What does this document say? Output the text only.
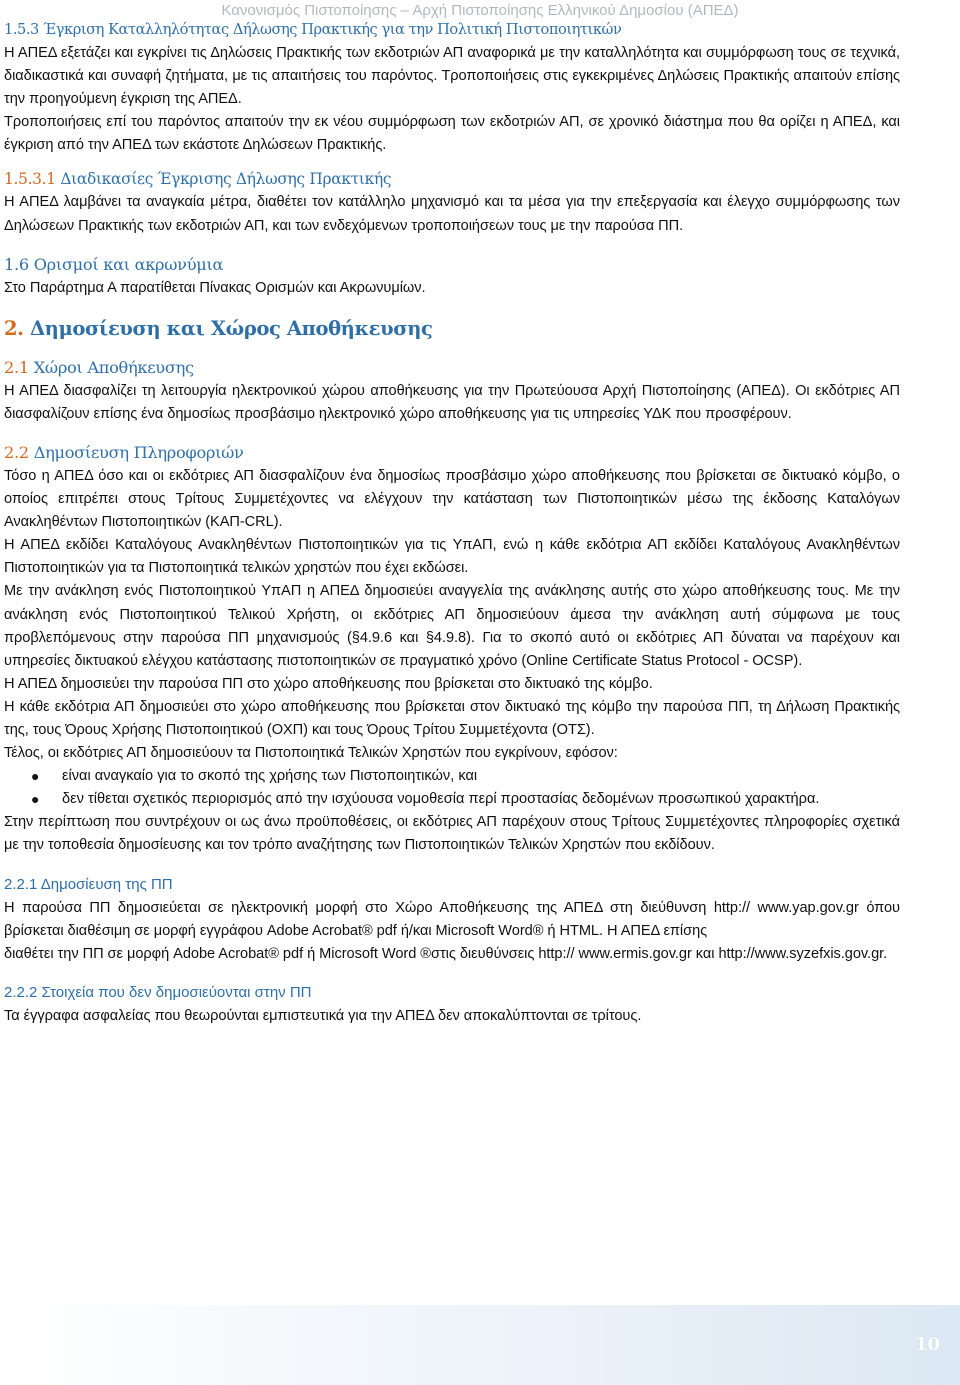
Κανονισμός Πιστοποίησης – Αρχή Πιστοποίησης Ελληνικού Δημοσίου (ΑΠΕΔ)
1.5.3 Έγκριση Καταλληλότητας Δήλωσης Πρακτικής για την Πολιτική Πιστοποιητικών

Η ΑΠΕΔ εξετάζει και εγκρίνει τις Δηλώσεις Πρακτικής των εκδοτριών ΑΠ αναφορικά με την καταλληλότητα και συμμόρφωση τους σε τεχνικά, διαδικαστικά και συναφή ζητήματα, με τις απαιτήσεις του παρόντος. Τροποποιήσεις στις εγκεκριμένες Δηλώσεις Πρακτικής απαιτούν επίσης την προηγούμενη έγκριση της ΑΠΕΔ.

Τροποποιήσεις επί του παρόντος απαιτούν την εκ νέου συμμόρφωση των εκδοτριών ΑΠ, σε χρονικό διάστημα που θα ορίζει η ΑΠΕΔ, και έγκριση από την ΑΠΕΔ των εκάστοτε Δηλώσεων Πρακτικής.

1.5.3.1 Διαδικασίες Έγκρισης Δήλωσης Πρακτικής

Η ΑΠΕΔ λαμβάνει τα αναγκαία μέτρα, διαθέτει τον κατάλληλο μηχανισμό και τα μέσα για την επεξεργασία και έλεγχο συμμόρφωσης των Δηλώσεων Πρακτικής των εκδοτριών ΑΠ, και των ενδεχόμενων τροποποιήσεων τους με την παρούσα ΠΠ.

1.6 Ορισμοί και ακρωνύμια

Στο Παράρτημα Α παρατίθεται Πίνακας Ορισμών και Ακρωνυμίων.

2. Δημοσίευση και Χώρος Αποθήκευσης
2.1 Χώροι Αποθήκευσης

Η ΑΠΕΔ διασφαλίζει τη λειτουργία ηλεκτρονικού χώρου αποθήκευσης για την Πρωτεύουσα Αρχή Πιστοποίησης (ΑΠΕΔ). Οι εκδότριες ΑΠ διασφαλίζουν επίσης ένα δημοσίως προσβάσιμο ηλεκτρονικό χώρο αποθήκευσης για τις υπηρεσίες ΥΔΚ που προσφέρουν.

2.2 Δημοσίευση Πληροφοριών

Τόσο η ΑΠΕΔ όσο και οι εκδότριες ΑΠ διασφαλίζουν ένα δημοσίως προσβάσιμο χώρο αποθήκευσης που βρίσκεται σε δικτυακό κόμβο, ο οποίος επιτρέπει στους Τρίτους Συμμετέχοντες να ελέγχουν την κατάσταση των Πιστοποιητικών μέσω της έκδοσης Καταλόγων Ανακληθέντων Πιστοποιητικών (ΚΑΠ-CRL).

Η ΑΠΕΔ εκδίδει Καταλόγους Ανακληθέντων Πιστοποιητικών για τις ΥπΑΠ, ενώ η κάθε εκδότρια ΑΠ εκδίδει Καταλόγους Ανακληθέντων Πιστοποιητικών για τα Πιστοποιητικά τελικών χρηστών που έχει εκδώσει.

Με την ανάκληση ενός Πιστοποιητικού ΥπΑΠ η ΑΠΕΔ δημοσιεύει αναγγελία της ανάκλησης αυτής στο χώρο αποθήκευσης τους. Με την ανάκληση ενός Πιστοποιητικού Τελικού Χρήστη, οι εκδότριες ΑΠ δημοσιεύουν άμεσα την ανάκληση αυτή σύμφωνα με τους προβλεπόμενους στην παρούσα ΠΠ μηχανισμούς (§4.9.6 και §4.9.8). Για το σκοπό αυτό οι εκδότριες ΑΠ δύναται να παρέχουν και υπηρεσίες δικτυακού ελέγχου κατάστασης πιστοποιητικών σε πραγματικό χρόνο (Online Certificate Status Protocol - OCSP).

Η ΑΠΕΔ δημοσιεύει την παρούσα ΠΠ στο χώρο αποθήκευσης που βρίσκεται στο δικτυακό της κόμβο.

Η κάθε εκδότρια ΑΠ δημοσιεύει στο χώρο αποθήκευσης που βρίσκεται στον δικτυακό της κόμβο την παρούσα ΠΠ, τη Δήλωση Πρακτικής της, τους Όρους Χρήσης Πιστοποιητικού (ΟΧΠ) και τους Όρους Τρίτου Συμμετέχοντα (ΟΤΣ).

Τέλος, οι εκδότριες ΑΠ δημοσιεύουν τα Πιστοποιητικά Τελικών Χρηστών που εγκρίνουν, εφόσον:

● είναι αναγκαίο για το σκοπό της χρήσης των Πιστοποιητικών, και
● δεν τίθεται σχετικός περιορισμός από την ισχύουσα νομοθεσία περί προστασίας δεδομένων προσωπικού χαρακτήρα.

Στην περίπτωση που συντρέχουν οι ως άνω προϋποθέσεις, οι εκδότριες ΑΠ παρέχουν στους Τρίτους Συμμετέχοντες πληροφορίες σχετικά με την τοποθεσία δημοσίευσης και τον τρόπο αναζήτησης των Πιστοποιητικών Τελικών Χρηστών που εκδίδουν.

2.2.1 Δημοσίευση της ΠΠ

Η παρούσα ΠΠ δημοσιεύεται σε ηλεκτρονική μορφή στο Χώρο Αποθήκευσης της ΑΠΕΔ στη διεύθυνση http:// www.yap.gov.gr όπου βρίσκεται διαθέσιμη σε μορφή εγγράφου Adobe Acrobat® pdf ή/και Microsoft Word® ή HTML. Η ΑΠΕΔ επίσης

διαθέτει την ΠΠ σε μορφή Adobe Acrobat® pdf ή Microsoft Word ®στις διευθύνσεις http:// www.ermis.gov.gr και http://www.syzefxis.gov.gr.

2.2.2 Στοιχεία που δεν δημοσιεύονται στην ΠΠ

Τα έγγραφα ασφαλείας που θεωρούνται εμπιστευτικά για την ΑΠΕΔ δεν αποκαλύπτονται σε τρίτους.

10
